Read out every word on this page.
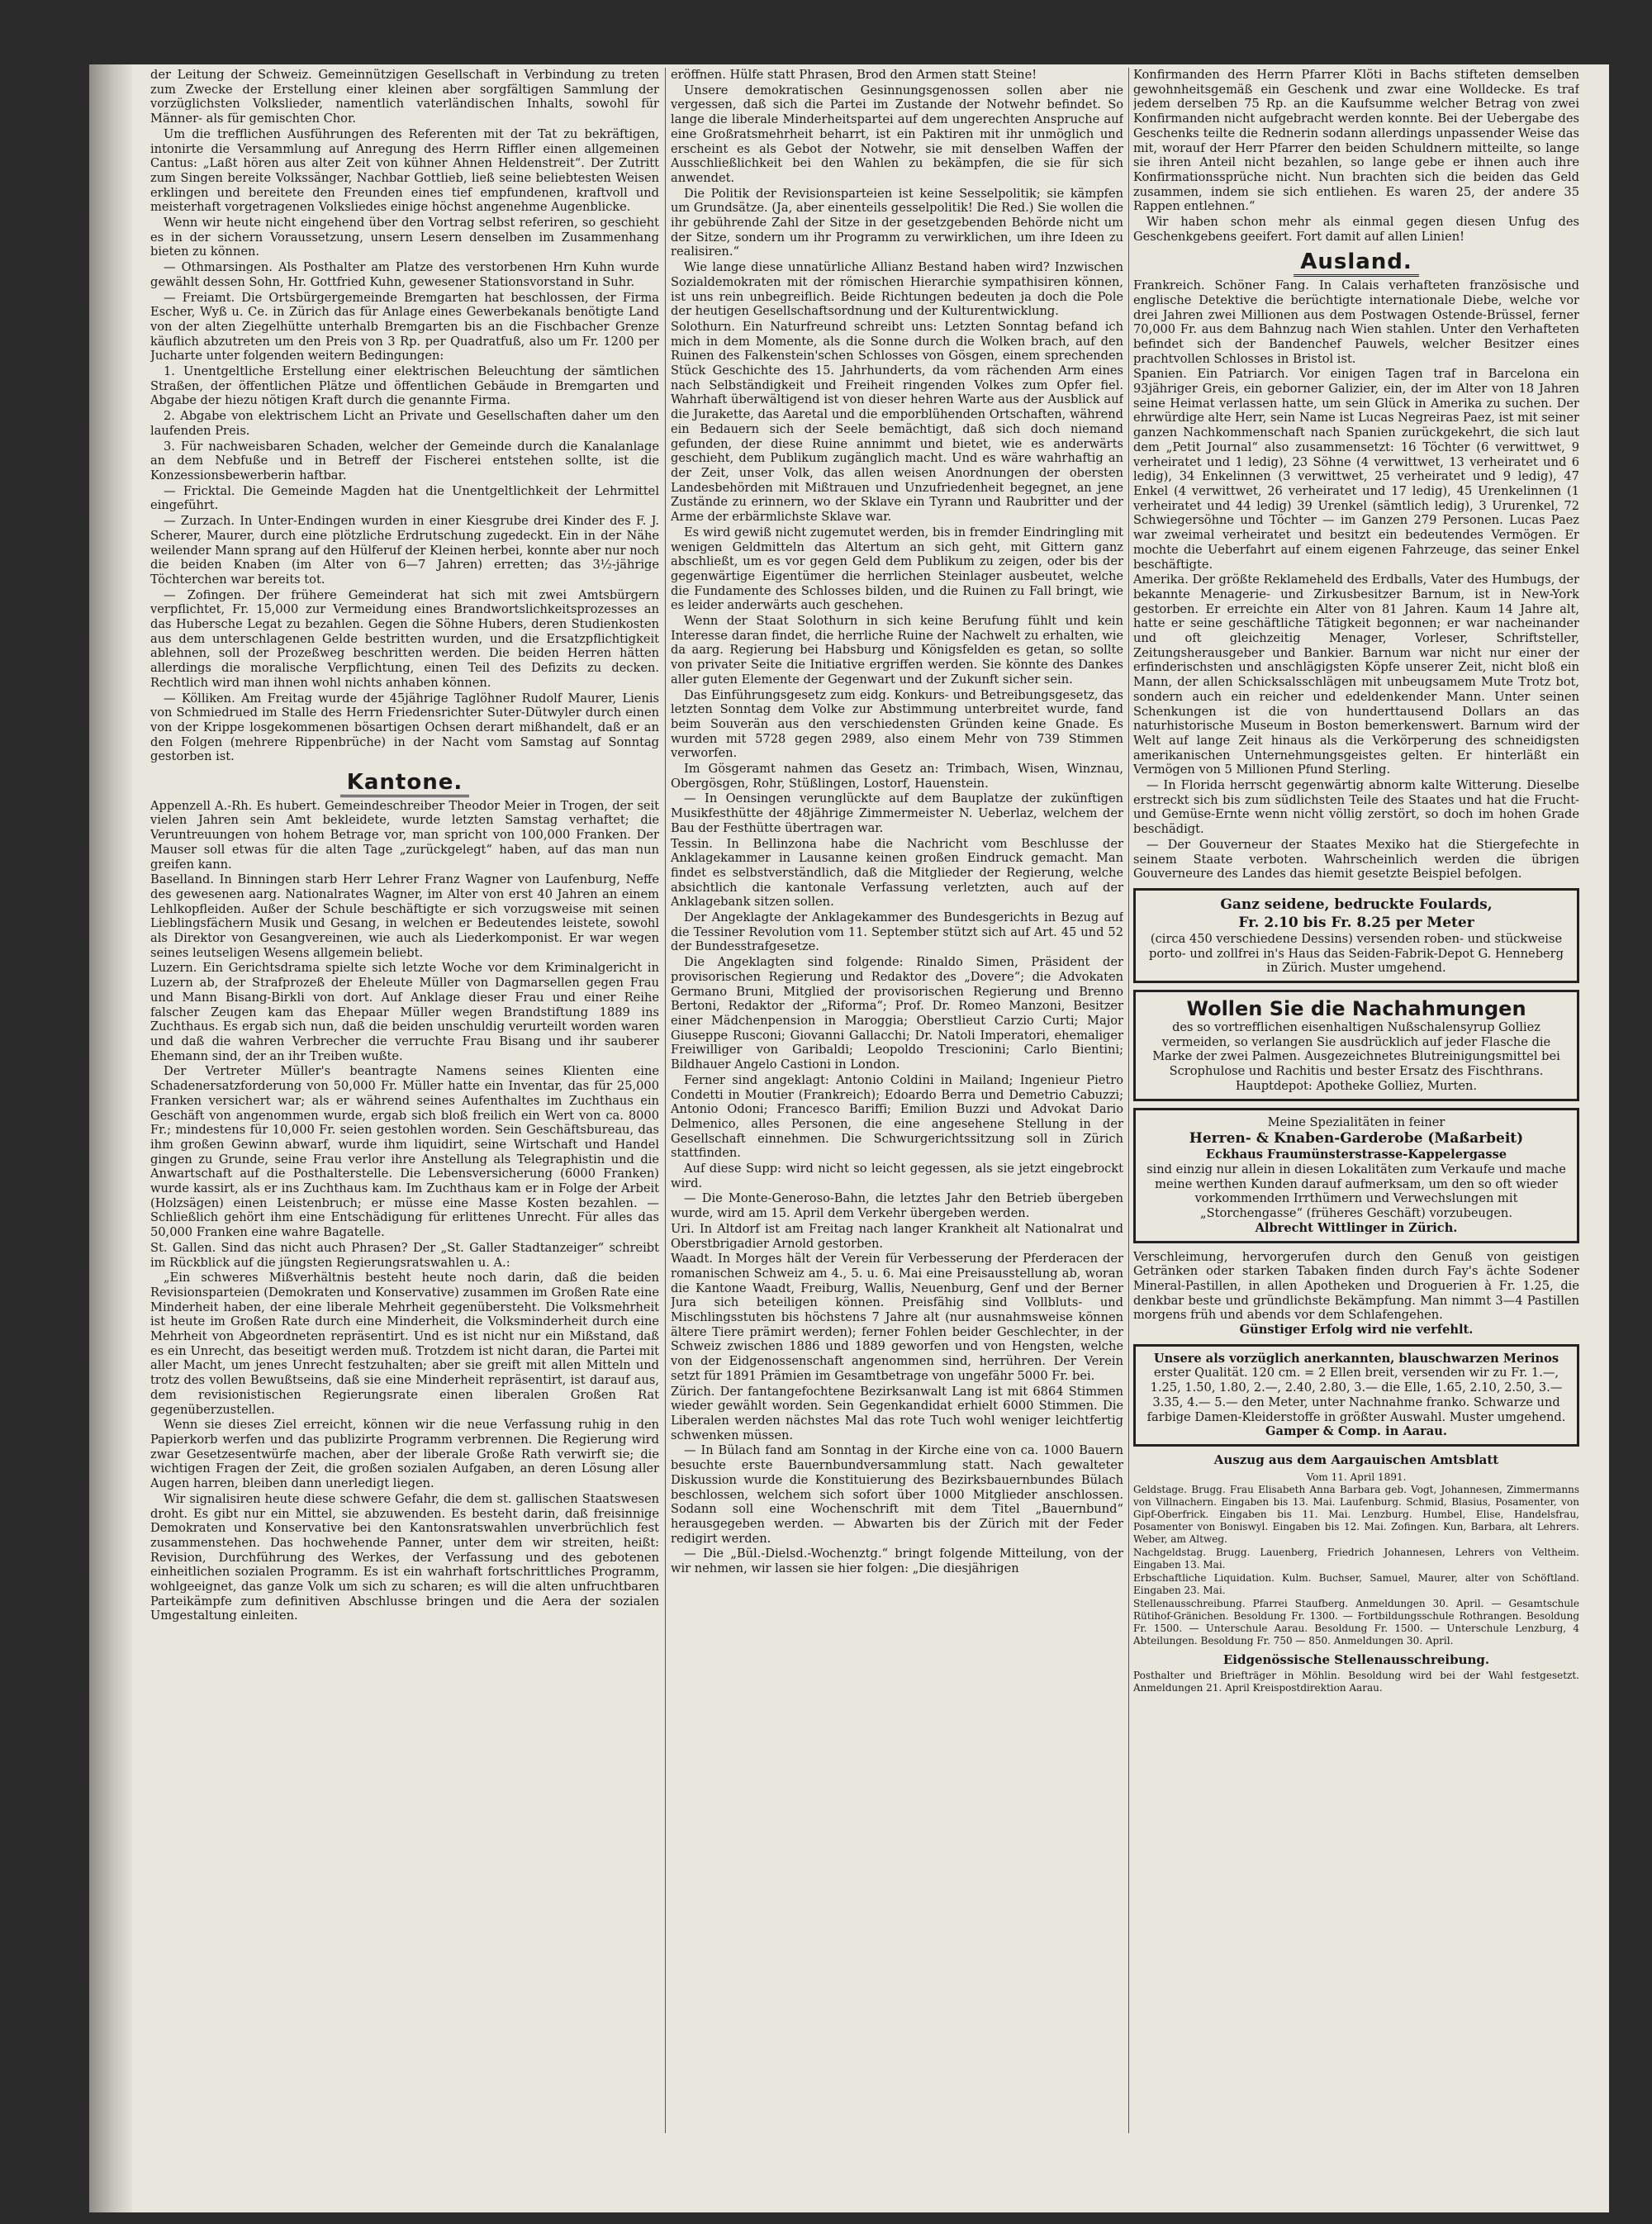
der Leitung der Schweiz. Gemeinnützigen Gesellschaft in Verbindung zu treten zum Zwecke der Erstellung einer kleinen aber sorgfältigen Sammlung der vorzüglichsten Volkslieder, namentlich vaterländischen Inhalts, sowohl für Männer- als für gemischten Chor.

Um die trefflichen Ausführungen des Referenten mit der Tat zu bekräftigen, intonirte die Versammlung auf Anregung des Herrn Riffler einen allgemeinen Cantus: „Laßt hören aus alter Zeit von kühner Ahnen Heldenstreit“. Der Zutritt zum Singen bereite Volkssänger, Nachbar Gottlieb, ließ seine beliebtesten Weisen erklingen und bereitete den Freunden eines tief empfundenen, kraftvoll und meisterhaft vorgetragenen Volksliedes einige höchst angenehme Augenblicke.

Wenn wir heute nicht eingehend über den Vortrag selbst referiren, so geschieht es in der sichern Voraussetzung, unsern Lesern denselben im Zusammenhang bieten zu können.

— Othmarsingen. Als Posthalter am Platze des verstorbenen Hrn Kuhn wurde gewählt dessen Sohn, Hr. Gottfried Kuhn, gewesener Stationsvorstand in Suhr.

— Freiamt. Die Ortsbürgergemeinde Bremgarten hat beschlossen, der Firma Escher, Wyß u. Ce. in Zürich das für Anlage eines Gewerbekanals benötigte Land von der alten Ziegelhütte unterhalb Bremgarten bis an die Fischbacher Grenze käuflich abzutreten um den Preis von 3 Rp. per Quadratfuß, also um Fr. 1200 per Jucharte unter folgenden weitern Bedingungen:

1. Unentgeltliche Erstellung einer elektrischen Beleuchtung der sämtlichen Straßen, der öffentlichen Plätze und öffentlichen Gebäude in Bremgarten und Abgabe der hiezu nötigen Kraft durch die genannte Firma.

2. Abgabe von elektrischem Licht an Private und Gesellschaften daher um den laufenden Preis.

3. Für nachweisbaren Schaden, welcher der Gemeinde durch die Kanalanlage an dem Nebfuße und in Betreff der Fischerei entstehen sollte, ist die Konzessionsbewerberin haftbar.

— Fricktal. Die Gemeinde Magden hat die Unentgeltlichkeit der Lehrmittel eingeführt.

— Zurzach. In Unter-Endingen wurden in einer Kiesgrube drei Kinder des F. J. Scherer, Maurer, durch eine plötzliche Erdrutschung zugedeckt. Ein in der Nähe weilender Mann sprang auf den Hülferuf der Kleinen herbei, konnte aber nur noch die beiden Knaben (im Alter von 6—7 Jahren) erretten; das 3½-jährige Töchterchen war bereits tot.

— Zofingen. Der frühere Gemeinderat hat sich mit zwei Amtsbürgern verpflichtet, Fr. 15,000 zur Vermeidung eines Brandwortslichkeitsprozesses an das Hubersche Legat zu bezahlen. Gegen die Söhne Hubers, deren Studienkosten aus dem unterschlagenen Gelde bestritten wurden, und die Ersatzpflichtigkeit ablehnen, soll der Prozeßweg beschritten werden. Die beiden Herren hätten allerdings die moralische Verpflichtung, einen Teil des Defizits zu decken. Rechtlich wird man ihnen wohl nichts anhaben können.

— Kölliken. Am Freitag wurde der 45jährige Taglöhner Rudolf Maurer, Lienis von Schmiedrued im Stalle des Herrn Friedensrichter Suter-Dütwyler durch einen von der Krippe losgekommenen bösartigen Ochsen derart mißhandelt, daß er an den Folgen (mehrere Rippenbrüche) in der Nacht vom Samstag auf Sonntag gestorben ist.

Kantone.

Appenzell A.-Rh. Es hubert. Gemeindeschreiber Theodor Meier in Trogen, der seit vielen Jahren sein Amt bekleidete, wurde letzten Samstag verhaftet; die Veruntreuungen von hohem Betrage vor, man spricht von 100,000 Franken. Der Mauser soll etwas für die alten Tage „zurückgelegt“ haben, auf das man nun greifen kann.

Baselland. In Binningen starb Herr Lehrer Franz Wagner von Laufenburg, Neffe des gewesenen aarg. Nationalrates Wagner, im Alter von erst 40 Jahren an einem Lehlkopfleiden. Außer der Schule beschäftigte er sich vorzugsweise mit seinen Lieblingsfächern Musik und Gesang, in welchen er Bedeutendes leistete, sowohl als Direktor von Gesangvereinen, wie auch als Liederkomponist. Er war wegen seines leutseligen Wesens allgemein beliebt.

Luzern. Ein Gerichtsdrama spielte sich letzte Woche vor dem Kriminalgericht in Luzern ab, der Strafprozeß der Eheleute Müller von Dagmarsellen gegen Frau und Mann Bisang-Birkli von dort. Auf Anklage dieser Frau und einer Reihe falscher Zeugen kam das Ehepaar Müller wegen Brandstiftung 1889 ins Zuchthaus. Es ergab sich nun, daß die beiden unschuldig verurteilt worden waren und daß die wahren Verbrecher die verruchte Frau Bisang und ihr sauberer Ehemann sind, der an ihr Treiben wußte.

Der Vertreter Müller's beantragte Namens seines Klienten eine Schadenersatzforderung von 50,000 Fr. Müller hatte ein Inventar, das für 25,000 Franken versichert war; als er während seines Aufenthaltes im Zuchthaus ein Geschäft von angenommen wurde, ergab sich bloß freilich ein Wert von ca. 8000 Fr.; mindestens für 10,000 Fr. seien gestohlen worden. Sein Geschäftsbureau, das ihm großen Gewinn abwarf, wurde ihm liquidirt, seine Wirtschaft und Handel gingen zu Grunde, seine Frau verlor ihre Anstellung als Telegraphistin und die Anwartschaft auf die Posthalterstelle. Die Lebensversicherung (6000 Franken) wurde kassirt, als er ins Zuchthaus kam. Im Zuchthaus kam er in Folge der Arbeit (Holzsägen) einen Leistenbruch; er müsse eine Masse Kosten bezahlen. — Schließlich gehört ihm eine Entschädigung für erlittenes Unrecht. Für alles das 50,000 Franken eine wahre Bagatelle.

St. Gallen. Sind das nicht auch Phrasen? Der „St. Galler Stadtanzeiger“ schreibt im Rückblick auf die jüngsten Regierungsratswahlen u. A.:

„Ein schweres Mißverhältnis besteht heute noch darin, daß die beiden Revisionsparteien (Demokraten und Konservative) zusammen im Großen Rate eine Minderheit haben, der eine liberale Mehrheit gegenübersteht. Die Volksmehrheit ist heute im Großen Rate durch eine Minderheit, die Volksminderheit durch eine Mehrheit von Abgeordneten repräsentirt. Und es ist nicht nur ein Mißstand, daß es ein Unrecht, das beseitigt werden muß. Trotzdem ist nicht daran, die Partei mit aller Macht, um jenes Unrecht festzuhalten; aber sie greift mit allen Mitteln und trotz des vollen Bewußtseins, daß sie eine Minderheit repräsentirt, ist darauf aus, dem revisionistischen Regierungsrate einen liberalen Großen Rat gegenüberzustellen.

Wenn sie dieses Ziel erreicht, können wir die neue Verfassung ruhig in den Papierkorb werfen und das publizirte Programm verbrennen. Die Regierung wird zwar Gesetzesentwürfe machen, aber der liberale Große Rath verwirft sie; die wichtigen Fragen der Zeit, die großen sozialen Aufgaben, an deren Lösung aller Augen harren, bleiben dann unerledigt liegen.

Wir signalisiren heute diese schwere Gefahr, die dem st. gallischen Staatswesen droht. Es gibt nur ein Mittel, sie abzuwenden. Es besteht darin, daß freisinnige Demokraten und Konservative bei den Kantonsratswahlen unverbrüchlich fest zusammenstehen. Das hochwehende Panner, unter dem wir streiten, heißt: Revision, Durchführung des Werkes, der Verfassung und des gebotenen einheitlichen sozialen Programm. Es ist ein wahrhaft fortschrittliches Programm, wohlgeeignet, das ganze Volk um sich zu scharen; es will die alten unfruchtbaren Parteikämpfe zum definitiven Abschlusse bringen und die Aera der sozialen Umgestaltung einleiten.

eröffnen. Hülfe statt Phrasen, Brod den Armen statt Steine!

Unsere demokratischen Gesinnungsgenossen sollen aber nie vergessen, daß sich die Partei im Zustande der Notwehr befindet. So lange die liberale Minderheitspartei auf dem ungerechten Anspruche auf eine Großratsmehrheit beharrt, ist ein Paktiren mit ihr unmöglich und erscheint es als Gebot der Notwehr, sie mit denselben Waffen der Ausschließlichkeit bei den Wahlen zu bekämpfen, die sie für sich anwendet.

Die Politik der Revisionsparteien ist keine Sesselpolitik; sie kämpfen um Grundsätze. (Ja, aber einenteils gesselpolitik! Die Red.) Sie wollen die ihr gebührende Zahl der Sitze in der gesetzgebenden Behörde nicht um der Sitze, sondern um ihr Programm zu verwirklichen, um ihre Ideen zu realisiren.“

Wie lange diese unnatürliche Allianz Bestand haben wird? Inzwischen Sozialdemokraten mit der römischen Hierarchie sympathisiren können, ist uns rein unbegreiflich. Beide Richtungen bedeuten ja doch die Pole der heutigen Gesellschaftsordnung und der Kulturentwicklung.

Solothurn. Ein Naturfreund schreibt uns: Letzten Sonntag befand ich mich in dem Momente, als die Sonne durch die Wolken brach, auf den Ruinen des Falkenstein'schen Schlosses von Gösgen, einem sprechenden Stück Geschichte des 15. Jahrhunderts, da vom rächenden Arm eines nach Selbständigkeit und Freiheit ringenden Volkes zum Opfer fiel. Wahrhaft überwältigend ist von dieser hehren Warte aus der Ausblick auf die Jurakette, das Aaretal und die emporblühenden Ortschaften, während ein Bedauern sich der Seele bemächtigt, daß sich doch niemand gefunden, der diese Ruine annimmt und bietet, wie es anderwärts geschieht, dem Publikum zugänglich macht. Und es wäre wahrhaftig an der Zeit, unser Volk, das allen weisen Anordnungen der obersten Landesbehörden mit Mißtrauen und Unzufriedenheit begegnet, an jene Zustände zu erinnern, wo der Sklave ein Tyrann und Raubritter und der Arme der erbärmlichste Sklave war.

Es wird gewiß nicht zugemutet werden, bis in fremder Eindringling mit wenigen Geldmitteln das Altertum an sich geht, mit Gittern ganz abschließt, um es vor gegen Geld dem Publikum zu zeigen, oder bis der gegenwärtige Eigentümer die herrlichen Steinlager ausbeutet, welche die Fundamente des Schlosses bilden, und die Ruinen zu Fall bringt, wie es leider anderwärts auch geschehen.

Wenn der Staat Solothurn in sich keine Berufung fühlt und kein Interesse daran findet, die herrliche Ruine der Nachwelt zu erhalten, wie da aarg. Regierung bei Habsburg und Königsfelden es getan, so sollte von privater Seite die Initiative ergriffen werden. Sie könnte des Dankes aller guten Elemente der Gegenwart und der Zukunft sicher sein.

Das Einführungsgesetz zum eidg. Konkurs- und Betreibungsgesetz, das letzten Sonntag dem Volke zur Abstimmung unterbreitet wurde, fand beim Souverän aus den verschiedensten Gründen keine Gnade. Es wurden mit 5728 gegen 2989, also einem Mehr von 739 Stimmen verworfen.

Im Gösgeramt nahmen das Gesetz an: Trimbach, Wisen, Winznau, Obergösgen, Rohr, Stüßlingen, Lostorf, Hauenstein.

— In Oensingen verunglückte auf dem Bauplatze der zukünftigen Musikfesthütte der 48jährige Zimmermeister N. Ueberlaz, welchem der Bau der Festhütte übertragen war.

Tessin. In Bellinzona habe die Nachricht vom Beschlusse der Anklagekammer in Lausanne keinen großen Eindruck gemacht. Man findet es selbstverständlich, daß die Mitglieder der Regierung, welche absichtlich die kantonale Verfassung verletzten, auch auf der Anklagebank sitzen sollen.

Der Angeklagte der Anklagekammer des Bundesgerichts in Bezug auf die Tessiner Revolution vom 11. September stützt sich auf Art. 45 und 52 der Bundesstrafgesetze.

Die Angeklagten sind folgende: Rinaldo Simen, Präsident der provisorischen Regierung und Redaktor des „Dovere“; die Advokaten Germano Bruni, Mitglied der provisorischen Regierung und Brenno Bertoni, Redaktor der „Riforma“; Prof. Dr. Romeo Manzoni, Besitzer einer Mädchenpension in Maroggia; Oberstlieut Carzio Curti; Major Giuseppe Rusconi; Giovanni Gallacchi; Dr. Natoli Imperatori, ehemaliger Freiwilliger von Garibaldi; Leopoldo Trescionini; Carlo Bientini; Bildhauer Angelo Castioni in London.

Ferner sind angeklagt: Antonio Coldini in Mailand; Ingenieur Pietro Condetti in Moutier (Frankreich); Edoardo Berra und Demetrio Cabuzzi; Antonio Odoni; Francesco Bariffi; Emilion Buzzi und Advokat Dario Delmenico, alles Personen, die eine angesehene Stellung in der Gesellschaft einnehmen. Die Schwurgerichtssitzung soll in Zürich stattfinden.

Auf diese Supp: wird nicht so leicht gegessen, als sie jetzt eingebrockt wird.

— Die Monte-Generoso-Bahn, die letztes Jahr den Betrieb übergeben wurde, wird am 15. April dem Verkehr übergeben werden.

Uri. In Altdorf ist am Freitag nach langer Krankheit alt Nationalrat und Oberstbrigadier Arnold gestorben.

Waadt. In Morges hält der Verein für Verbesserung der Pferderacen der romanischen Schweiz am 4., 5. u. 6. Mai eine Preisausstellung ab, woran die Kantone Waadt, Freiburg, Wallis, Neuenburg, Genf und der Berner Jura sich beteiligen können. Preisfähig sind Vollbluts- und Mischlingsstuten bis höchstens 7 Jahre alt (nur ausnahmsweise können ältere Tiere prämirt werden); ferner Fohlen beider Geschlechter, in der Schweiz zwischen 1886 und 1889 geworfen und von Hengsten, welche von der Eidgenossenschaft angenommen sind, herrühren. Der Verein setzt für 1891 Prämien im Gesamtbetrage von ungefähr 5000 Fr. bei.

Zürich. Der fantangefochtene Bezirksanwalt Lang ist mit 6864 Stimmen wieder gewählt worden. Sein Gegenkandidat erhielt 6000 Stimmen. Die Liberalen werden nächstes Mal das rote Tuch wohl weniger leichtfertig schwenken müssen.

— In Bülach fand am Sonntag in der Kirche eine von ca. 1000 Bauern besuchte erste Bauernbundversammlung statt. Nach gewalteter Diskussion wurde die Konstituierung des Bezirksbauernbundes Bülach beschlossen, welchem sich sofort über 1000 Mitglieder anschlossen. Sodann soll eine Wochenschrift mit dem Titel „Bauernbund“ herausgegeben werden. — Abwarten bis der Zürich mit der Feder redigirt werden.

— Die „Bül.-Dielsd.-Wochenztg.“ bringt folgende Mitteilung, von der wir nehmen, wir lassen sie hier folgen: „Die diesjährigen

Konfirmanden des Herrn Pfarrer Klöti in Bachs stifteten demselben gewohnheitsgemäß ein Geschenk und zwar eine Wolldecke. Es traf jedem derselben 75 Rp. an die Kaufsumme welcher Betrag von zwei Konfirmanden nicht aufgebracht werden konnte. Bei der Uebergabe des Geschenks teilte die Rednerin sodann allerdings unpassender Weise das mit, worauf der Herr Pfarrer den beiden Schuldnern mitteilte, so lange sie ihren Anteil nicht bezahlen, so lange gebe er ihnen auch ihre Konfirmationssprüche nicht. Nun brachten sich die beiden das Geld zusammen, indem sie sich entliehen. Es waren 25, der andere 35 Rappen entlehnen.“

Wir haben schon mehr als einmal gegen diesen Unfug des Geschenkgebens geeifert. Fort damit auf allen Linien!

Ausland.

Frankreich. Schöner Fang. In Calais verhafteten französische und englische Detektive die berüchtigte internationale Diebe, welche vor drei Jahren zwei Millionen aus dem Postwagen Ostende-Brüssel, ferner 70,000 Fr. aus dem Bahnzug nach Wien stahlen. Unter den Verhafteten befindet sich der Bandenchef Pauwels, welcher Besitzer eines prachtvollen Schlosses in Bristol ist.

Spanien. Ein Patriarch. Vor einigen Tagen traf in Barcelona ein 93jähriger Greis, ein geborner Galizier, ein, der im Alter von 18 Jahren seine Heimat verlassen hatte, um sein Glück in Amerika zu suchen. Der ehrwürdige alte Herr, sein Name ist Lucas Negreiras Paez, ist mit seiner ganzen Nachkommenschaft nach Spanien zurückgekehrt, die sich laut dem „Petit Journal“ also zusammensetzt: 16 Töchter (6 verwittwet, 9 verheiratet und 1 ledig), 23 Söhne (4 verwittwet, 13 verheiratet und 6 ledig), 34 Enkelinnen (3 verwittwet, 25 verheiratet und 9 ledig), 47 Enkel (4 verwittwet, 26 verheiratet und 17 ledig), 45 Urenkelinnen (1 verheiratet und 44 ledig) 39 Urenkel (sämtlich ledig), 3 Ururenkel, 72 Schwiegersöhne und Töchter — im Ganzen 279 Personen. Lucas Paez war zweimal verheiratet und besitzt ein bedeutendes Vermögen. Er mochte die Ueberfahrt auf einem eigenen Fahrzeuge, das seiner Enkel beschäftigte.

Amerika. Der größte Reklameheld des Erdballs, Vater des Humbugs, der bekannte Menagerie- und Zirkusbesitzer Barnum, ist in New-York gestorben. Er erreichte ein Alter von 81 Jahren. Kaum 14 Jahre alt, hatte er seine geschäftliche Tätigkeit begonnen; er war nacheinander und oft gleichzeitig Menager, Vorleser, Schriftsteller, Zeitungsherausgeber und Bankier. Barnum war nicht nur einer der erfinderischsten und anschlägigsten Köpfe unserer Zeit, nicht bloß ein Mann, der allen Schicksalsschlägen mit unbeugsamem Mute Trotz bot, sondern auch ein reicher und edeldenkender Mann. Unter seinen Schenkungen ist die von hunderttausend Dollars an das naturhistorische Museum in Boston bemerkenswert. Barnum wird der Welt auf lange Zeit hinaus als die Verkörperung des schneidigsten amerikanischen Unternehmungsgeistes gelten. Er hinterläßt ein Vermögen von 5 Millionen Pfund Sterling.

— In Florida herrscht gegenwärtig abnorm kalte Witterung. Dieselbe erstreckt sich bis zum südlichsten Teile des Staates und hat die Frucht- und Gemüse-Ernte wenn nicht völlig zerstört, so doch im hohen Grade beschädigt.

— Der Gouverneur der Staates Mexiko hat die Stiergefechte in seinem Staate verboten. Wahrscheinlich werden die übrigen Gouverneure des Landes das hiemit gesetzte Beispiel befolgen.

Ganz seidene, bedruckte Foulards,
Fr. 2.10 bis Fr. 8.25 per Meter
(circa 450 verschiedene Dessins) versenden roben- und stückweise porto- und zollfrei in's Haus das Seiden-Fabrik-Depot G. Henneberg in Zürich. Muster umgehend.
Wollen Sie die Nachahmungen
des so vortrefflichen eisenhaltigen Nußschalensyrup Golliez vermeiden, so verlangen Sie ausdrücklich auf jeder Flasche die Marke der zwei Palmen. Ausgezeichnetes Blutreinigungsmittel bei Scrophulose und Rachitis und bester Ersatz des Fischthrans. Hauptdepot: Apotheke Golliez, Murten.
Meine Spezialitäten in feiner
Herren- & Knaben-Garderobe (Maßarbeit)
Eckhaus Fraumünsterstrasse-Kappelergasse
sind einzig nur allein in diesen Lokalitäten zum Verkaufe und mache meine werthen Kunden darauf aufmerksam, um den so oft wieder vorkommenden Irrthümern und Verwechslungen mit „Storchengasse“ (früheres Geschäft) vorzubeugen.
Albrecht Wittlinger in Zürich.
Verschleimung, hervorgerufen durch den Genuß von geistigen Getränken oder starken Tabaken finden durch Fay's ächte Sodener Mineral-Pastillen, in allen Apotheken und Droguerien à Fr. 1.25, die denkbar beste und gründlichste Bekämpfung. Man nimmt 3—4 Pastillen morgens früh und abends vor dem Schlafengehen.
Günstiger Erfolg wird nie verfehlt.
Unsere als vorzüglich anerkannten, blauschwarzen Merinos
erster Qualität. 120 cm. = 2 Ellen breit, versenden wir zu Fr. 1.—, 1.25, 1.50, 1.80, 2.—, 2.40, 2.80, 3.— die Elle, 1.65, 2.10, 2.50, 3.— 3.35, 4.— 5.— den Meter, unter Nachnahme franko. Schwarze und farbige Damen-Kleiderstoffe in größter Auswahl. Muster umgehend.
Gamper & Comp. in Aarau.
Auszug aus dem Aargauischen Amtsblatt
Vom 11. April 1891.

Geldstage. Brugg. Frau Elisabeth Anna Barbara geb. Vogt, Johannesen, Zimmermanns von Villnachern. Eingaben bis 13. Mai. Laufenburg. Schmid, Blasius, Posamenter, von Gipf-Oberfrick. Eingaben bis 11. Mai. Lenzburg. Humbel, Elise, Handelsfrau, Posamenter von Boniswyl. Eingaben bis 12. Mai. Zofingen. Kun, Barbara, alt Lehrers. Weber, am Altweg.

Nachgeldstag. Brugg. Lauenberg, Friedrich Johannesen, Lehrers von Veltheim. Eingaben 13. Mai.

Erbschaftliche Liquidation. Kulm. Buchser, Samuel, Maurer, alter von Schöftland. Eingaben 23. Mai.

Stellenausschreibung. Pfarrei Staufberg. Anmeldungen 30. April. — Gesamtschule Rütihof-Gränichen. Besoldung Fr. 1300. — Fortbildungsschule Rothrangen. Besoldung Fr. 1500. — Unterschule Aarau. Besoldung Fr. 1500. — Unterschule Lenzburg, 4 Abteilungen. Besoldung Fr. 750 — 850. Anmeldungen 30. April.

Eidgenössische Stellenausschreibung.

Posthalter und Briefträger in Möhlin. Besoldung wird bei der Wahl festgesetzt. Anmeldungen 21. April Kreispostdirektion Aarau.
